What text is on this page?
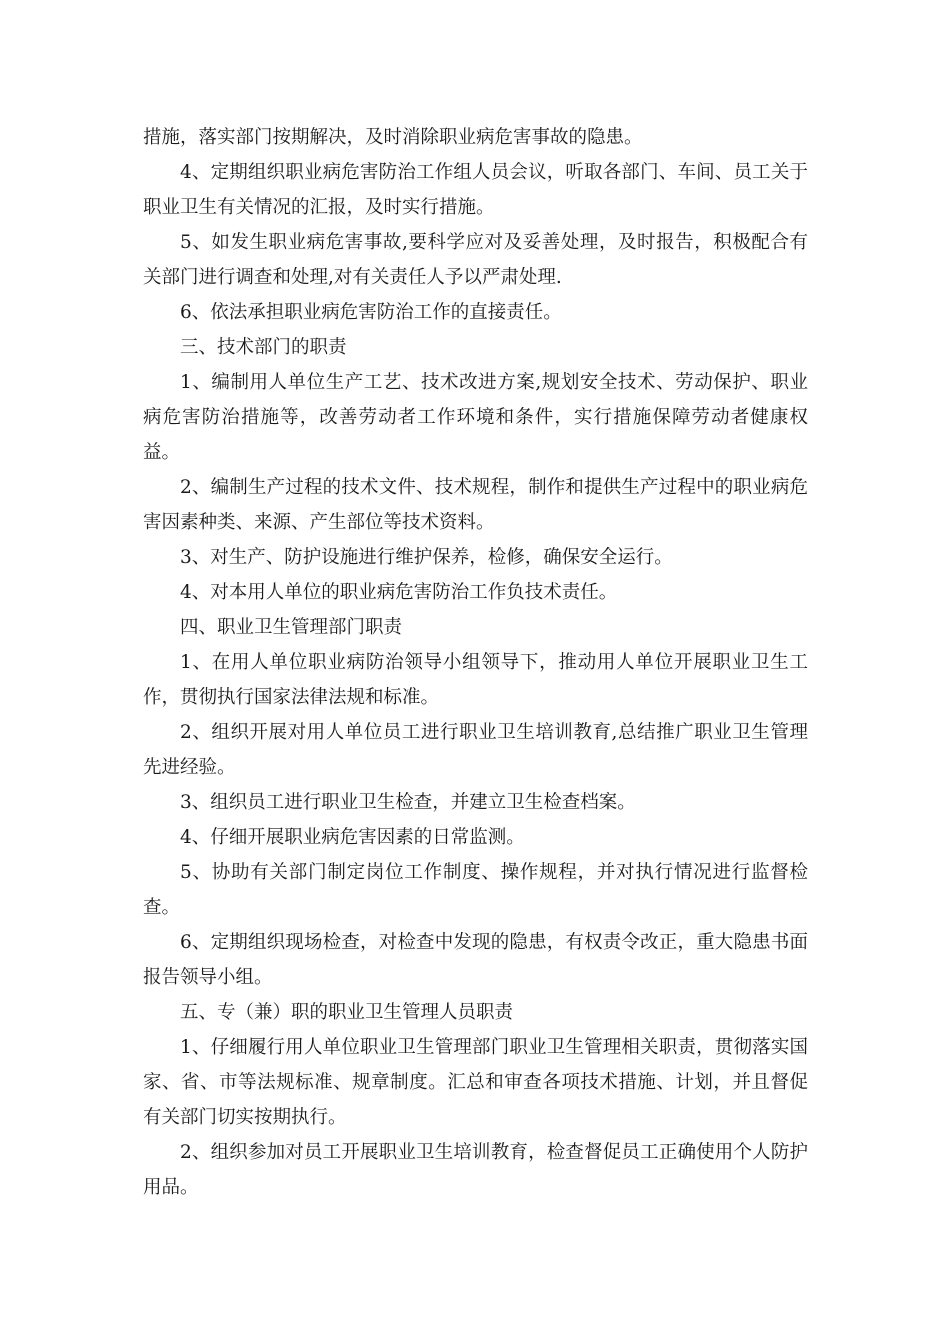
措施，落实部门按期解决，及时消除职业病危害事故的隐患。

4、定期组织职业病危害防治工作组人员会议，听取各部门、车间、员工关于职业卫生有关情况的汇报，及时实行措施。

5、如发生职业病危害事故,要科学应对及妥善处理，及时报告，积极配合有关部门进行调查和处理,对有关责任人予以严肃处理.

6、依法承担职业病危害防治工作的直接责任。

三、技术部门的职责

1、编制用人单位生产工艺、技术改进方案,规划安全技术、劳动保护、职业病危害防治措施等，改善劳动者工作环境和条件，实行措施保障劳动者健康权益。

2、编制生产过程的技术文件、技术规程，制作和提供生产过程中的职业病危害因素种类、来源、产生部位等技术资料。

3、对生产、防护设施进行维护保养，检修，确保安全运行。

4、对本用人单位的职业病危害防治工作负技术责任。

四、职业卫生管理部门职责

1、在用人单位职业病防治领导小组领导下，推动用人单位开展职业卫生工作，贯彻执行国家法律法规和标准。

2、组织开展对用人单位员工进行职业卫生培训教育,总结推广职业卫生管理先进经验。

3、组织员工进行职业卫生检查，并建立卫生检查档案。

4、仔细开展职业病危害因素的日常监测。

5、协助有关部门制定岗位工作制度、操作规程，并对执行情况进行监督检查。

6、定期组织现场检查，对检查中发现的隐患，有权责令改正，重大隐患书面报告领导小组。

五、专（兼）职的职业卫生管理人员职责

1、仔细履行用人单位职业卫生管理部门职业卫生管理相关职责，贯彻落实国家、省、市等法规标准、规章制度。汇总和审查各项技术措施、计划，并且督促有关部门切实按期执行。

2、组织参加对员工开展职业卫生培训教育，检查督促员工正确使用个人防护用品。
